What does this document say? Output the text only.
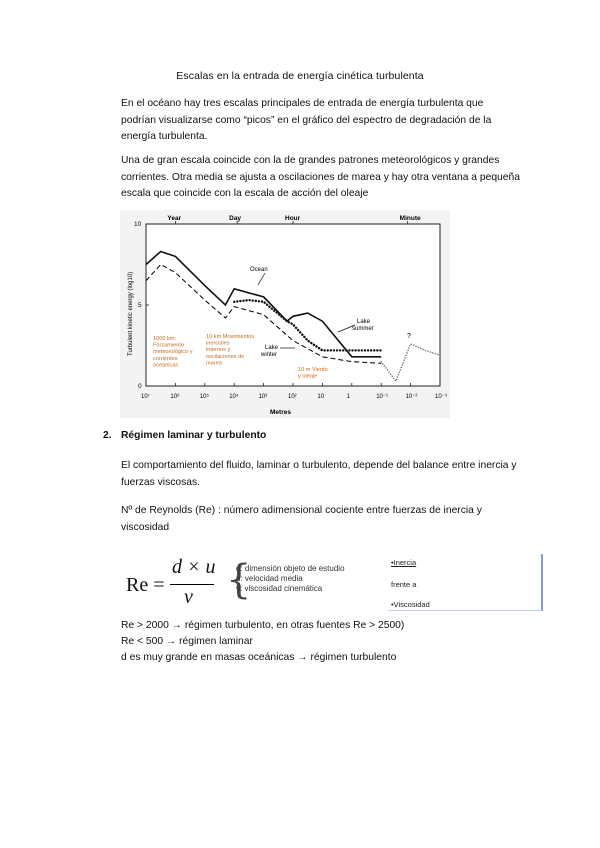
Escalas en la entrada de energía cinética turbulenta
En el océano hay tres escalas principales de entrada de energía turbulenta que podrían visualizarse como “picos” en el gráfico del espectro de degradación de la energía turbulenta.
Una de gran escala coincide con la de grandes patrones meteorológicos y grandes corrientes. Otra media se ajusta a oscilaciones de marea y hay otra ventana a pequeña escala que coincide con la escala de acción del oleaje
Year	Day	Hour	Minute
0
5
10
10⁷	10⁶	10⁵	10⁴	10³	10²	10	1	10⁻¹	10⁻²	10⁻³
Turbulent kinetic energy (log10)
Metres
1000 km: Forzamiento meteorológico y corrientes oceánicas
10 km Movimientos inerciales internos y oscilaciones de marea
10 m Viento y oleaje
Ocean
Lake summer
Lake winter
?
2. Régimen laminar y turbulento
El comportamiento del fluido, laminar o turbulento, depende del balance entre inercia y fuerzas viscosas.
Nº de Reynolds (Re) : número adimensional cociente entre fuerzas de inercia y viscosidad
Re =
d × u
ν {
d: dimensión objeto de estudio
u: velocidad media
v: viscosidad cinemática
•Inercia
frente a
•Viscosidad
Re > 2000 → régimen turbulento, en otras fuentes Re > 2500)
Re < 500 → régimen laminar
d es muy grande en masas oceánicas → régimen turbulento
